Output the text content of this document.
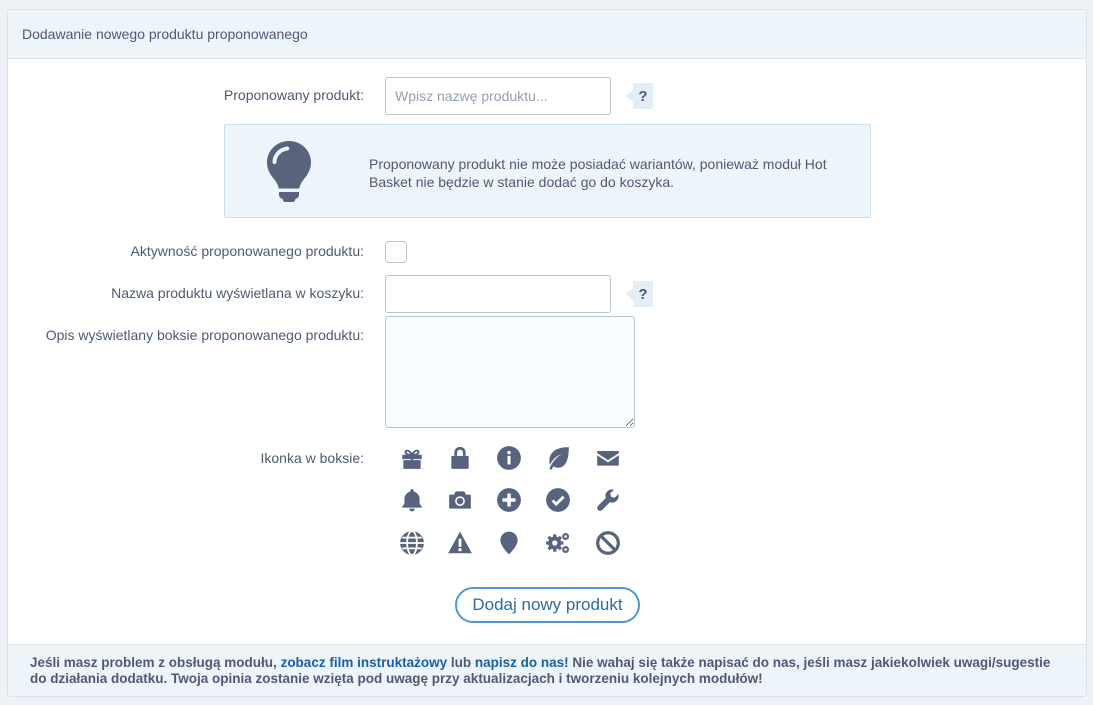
Dodawanie nowego produktu proponowanego
Proponowany produkt:
Wpisz nazwę produktu...	?
Proponowany produkt nie może posiadać wariantów, ponieważ moduł Hot Basket nie będzie w stanie dodać go do koszyka.
Aktywność proponowanego produktu:
Nazwa produktu wyświetlana w koszyku:	?
Opis wyświetlany boksie proponowanego produktu:
Ikonka w boksie:
Dodaj nowy produkt
Jeśli masz problem z obsługą modułu, zobacz film instruktażowy lub napisz do nas! Nie wahaj się także napisać do nas, jeśli masz jakiekolwiek uwagi/sugestie do działania dodatku. Twoja opinia zostanie wzięta pod uwagę przy aktualizacjach i tworzeniu kolejnych modułów!
